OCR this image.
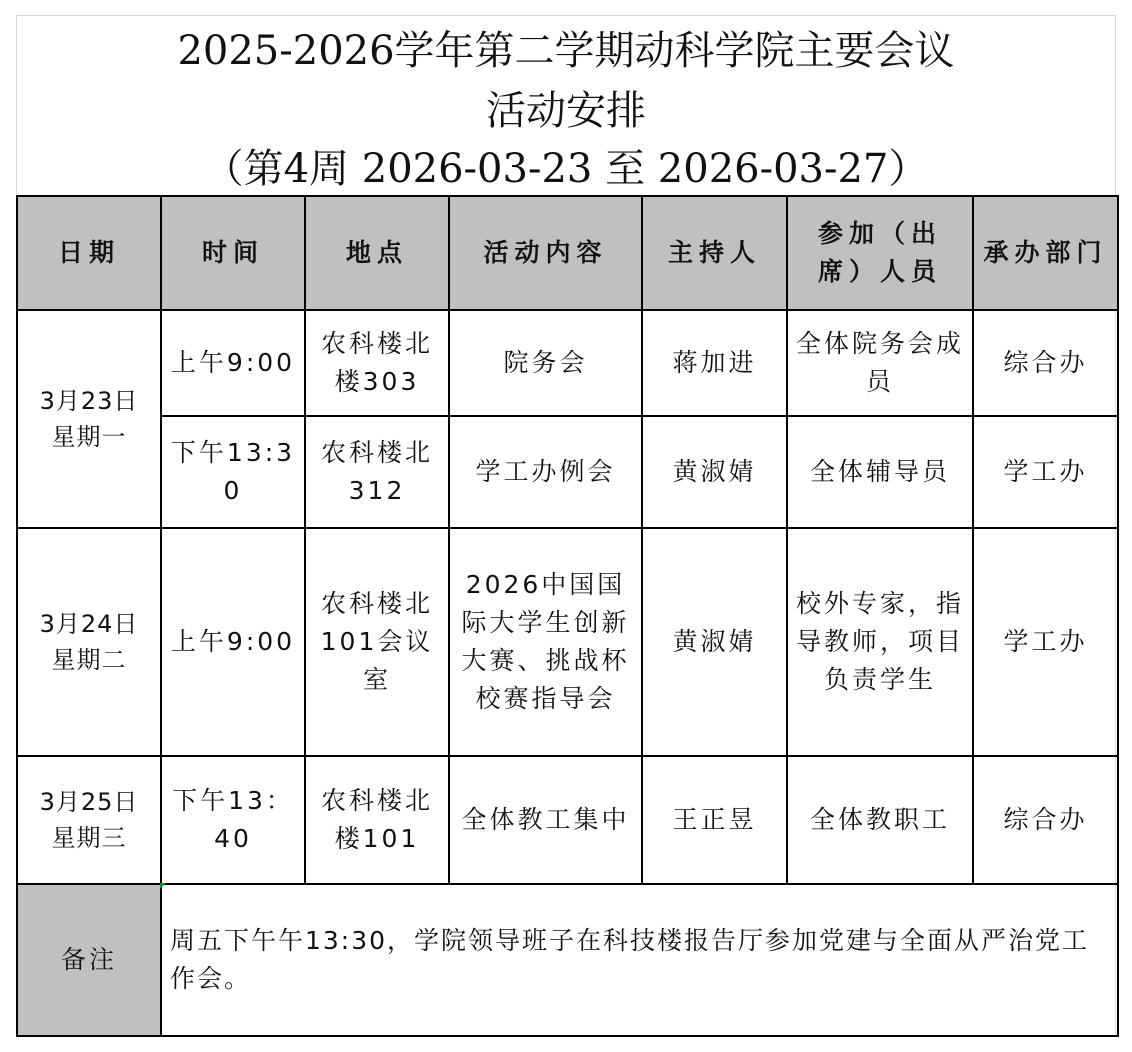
2025-2026学年第二学期动科学院主要会议
活动安排
（第4周 2026-03-23 至 2026-03-27）
日期	时间	地点	活动内容	主持人	参加（出席）人员	承办部门
3月23日
星期一	上午9:00	农科楼北楼303	院务会	蒋加进	全体院务会成员	综合办
	下午13:30	农科楼北312	学工办例会	黄淑婧	全体辅导员	学工办
3月24日
星期二	上午9:00	农科楼北101会议室	2026中国国际大学生创新大赛、挑战杯校赛指导会	黄淑婧	校外专家，指导教师，项目负责学生	学工办
3月25日
星期三	下午13：40	农科楼北楼101	全体教工集中	王正昱	全体教职工	综合办
备注	周五下午午13:30，学院领导班子在科技楼报告厅参加党建与全面从严治党工作会。					
